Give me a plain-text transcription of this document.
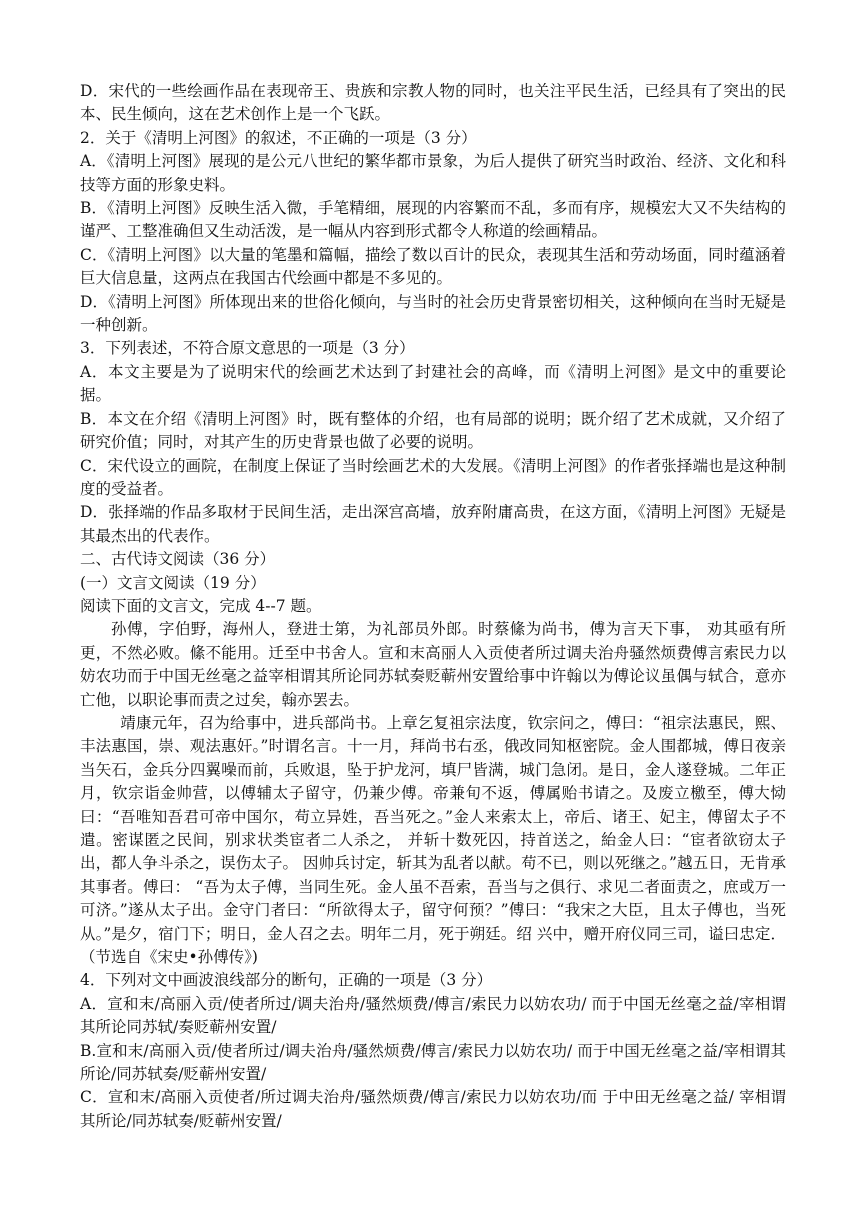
D．宋代的一些绘画作品在表现帝王、贵族和宗教人物的同时，也关注平民生活，已经具有了突出的民本、民生倾向，这在艺术创作上是一个飞跃。

2．关于《清明上河图》的叙述，不正确的一项是（3 分）

A．《清明上河图》展现的是公元八世纪的繁华都市景象，为后人提供了研究当时政治、经济、文化和科技等方面的形象史料。

B．《清明上河图》反映生活入微，手笔精细，展现的内容繁而不乱，多而有序，规模宏大又不失结构的谨严、工整准确但又生动活泼，是一幅从内容到形式都令人称道的绘画精品。

C．《清明上河图》以大量的笔墨和篇幅，描绘了数以百计的民众，表现其生活和劳动场面，同时蕴涵着巨大信息量，这两点在我国古代绘画中都是不多见的。

D．《清明上河图》所体现出来的世俗化倾向，与当时的社会历史背景密切相关，这种倾向在当时无疑是一种创新。

3．下列表述，不符合原文意思的一项是（3 分）

A．本文主要是为了说明宋代的绘画艺术达到了封建社会的高峰，而《清明上河图》是文中的重要论据。

B．本文在介绍《清明上河图》时，既有整体的介绍，也有局部的说明；既介绍了艺术成就，又介绍了研究价值；同时，对其产生的历史背景也做了必要的说明。

C．宋代设立的画院，在制度上保证了当时绘画艺术的大发展。《清明上河图》的作者张择端也是这种制度的受益者。

D．张择端的作品多取材于民间生活，走出深宫高墙，放弃附庸高贵，在这方面，《清明上河图》无疑是其最杰出的代表作。

二、古代诗文阅读（36 分）

(一）文言文阅读（19 分）

阅读下面的文言文，完成 4--7 题。

孙傅，字伯野，海州人，登进士第，为礼部员外郎。时蔡絛为尚书，傅为言天下事， 劝其亟有所更，不然必败。絛不能用。迁至中书舍人。宣和末高丽人入贡使者所过调夫治舟骚然烦费傅言索民力以妨农功而于中国无丝毫之益宰相谓其所论同苏轼奏贬蕲州安置给事中许翰以为傅论议虽偶与轼合，意亦亡他，以职论事而责之过矣，翰亦罢去。

靖康元年，召为给事中，进兵部尚书。上章乞复祖宗法度，钦宗问之，傅曰：“祖宗法惠民，熙、丰法惠国，崇、观法惠奸。”时谓名言。十一月，拜尚书右丞，俄改同知枢密院。金人围都城，傅日夜亲当矢石，金兵分四翼噪而前，兵败退，坠于护龙河，填尸皆满，城门急闭。是日，金人遂登城。二年正月，钦宗诣金帅营，以傅辅太子留守，仍兼少傅。帝兼旬不返，傅属贻书请之。及废立檄至，傅大恸曰：“吾唯知吾君可帝中国尔，苟立异姓，吾当死之。”金人来索太上，帝后、诸王、妃主，傅留太子不遣。密谋匿之民间，别求状类宦者二人杀之， 并斩十数死囚，持首送之，紿金人曰：“宦者欲窃太子出，都人争斗杀之，误伤太子。 因帅兵讨定，斩其为乱者以献。苟不已，则以死继之。”越五日，无肯承其事者。傅曰： “吾为太子傅，当同生死。金人虽不吾索，吾当与之俱行、求见二者面责之，庶或万一 可济。”遂从太子出。金守门者曰：“所欲得太子，留守何预？”傅曰：“我宋之大臣，且太子傅也，当死从。”是夕，宿门下；明日，金人召之去。明年二月，死于朔廷。绍 兴中，赠开府仪同三司，谥曰忠定．（节选自《宋史•孙傅传》)

4．下列对文中画波浪线部分的断句，正确的一项是（3 分）

A．宣和末/高丽入贡/使者所过/调夫治舟/骚然烦费/傅言/索民力以妨农功/ 而于中国无丝毫之益/宰相谓其所论同苏轼/奏贬蕲州安置/

B.宣和末/高丽入贡/使者所过/调夫治舟/骚然烦费/傅言/索民力以妨农功/ 而于中国无丝毫之益/宰相谓其所论/同苏轼奏/贬蕲州安置/

C．宣和末/高丽入贡使者/所过调夫治舟/骚然烦费/傅言/索民力以妨农功/而 于中田无丝毫之益/ 宰相谓其所论/同苏轼奏/贬蕲州安置/
